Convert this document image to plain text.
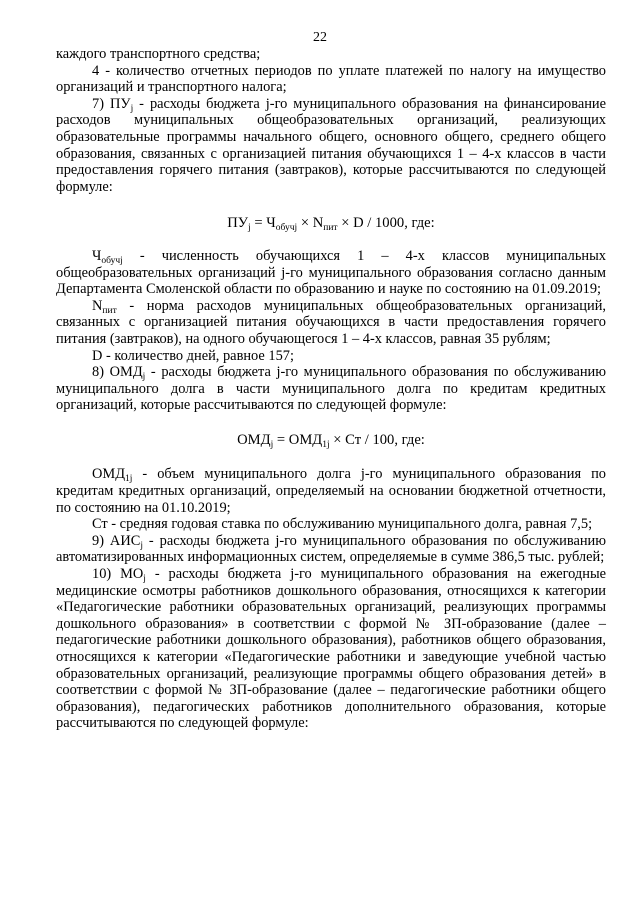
22

каждого транспортного средства;

4 - количество отчетных периодов по уплате платежей по налогу на имущество организаций и транспортного налога;

7) $ПУ_j$ - расходы бюджета j-го муниципального образования на финансирование расходов муниципальных общеобразовательных организаций, реализующих образовательные программы начального общего, основного общего, среднего общего образования, связанных с организацией питания обучающихся 1 – 4-х классов в части предоставления горячего питания (завтраков), которые рассчитываются по следующей формуле:

$ПУ_j = Ч_{обучj} \times N_{пит} \times D / 1000$, где:

$Ч_{обучj}$ - численность обучающихся 1 – 4-х классов муниципальных общеобразовательных организаций j-го муниципального образования согласно данным Департамента Смоленской области по образованию и науке по состоянию на 01.09.2019;

$N_{пит}$ - норма расходов муниципальных общеобразовательных организаций, связанных с организацией питания обучающихся в части предоставления горячего питания (завтраков), на одного обучающегося 1 – 4-х классов, равная 35 рублям;

D - количество дней, равное 157;

8) $ОМД_j$ - расходы бюджета j-го муниципального образования по обслуживанию муниципального долга в части муниципального долга по кредитам кредитных организаций, которые рассчитываются по следующей формуле:

$ОМД_j = ОМД_{1j}$ × Ст / 100, где:

$ОМД_{1j}$ - объем муниципального долга j-го муниципального образования по кредитам кредитных организаций, определяемый на основании бюджетной отчетности, по состоянию на 01.10.2019;

Ст - средняя годовая ставка по обслуживанию муниципального долга, равная 7,5;

9) $АИС_j$ - расходы бюджета j-го муниципального образования по обслуживанию автоматизированных информационных систем, определяемые в сумме 386,5 тыс. рублей;

10) $МО_j$ - расходы бюджета j-го муниципального образования на ежегодные медицинские осмотры работников дошкольного образования, относящихся к категории «Педагогические работники образовательных организаций, реализующих программы дошкольного образования» в соответствии с формой № ЗП-образование (далее – педагогические работники дошкольного образования), работников общего образования, относящихся к категории «Педагогические работники и заведующие учебной частью образовательных организаций, реализующие программы общего образования детей» в соответствии с формой № ЗП-образование (далее – педагогические работники общего образования), педагогических работников дополнительного образования, которые рассчитываются по следующей формуле:
